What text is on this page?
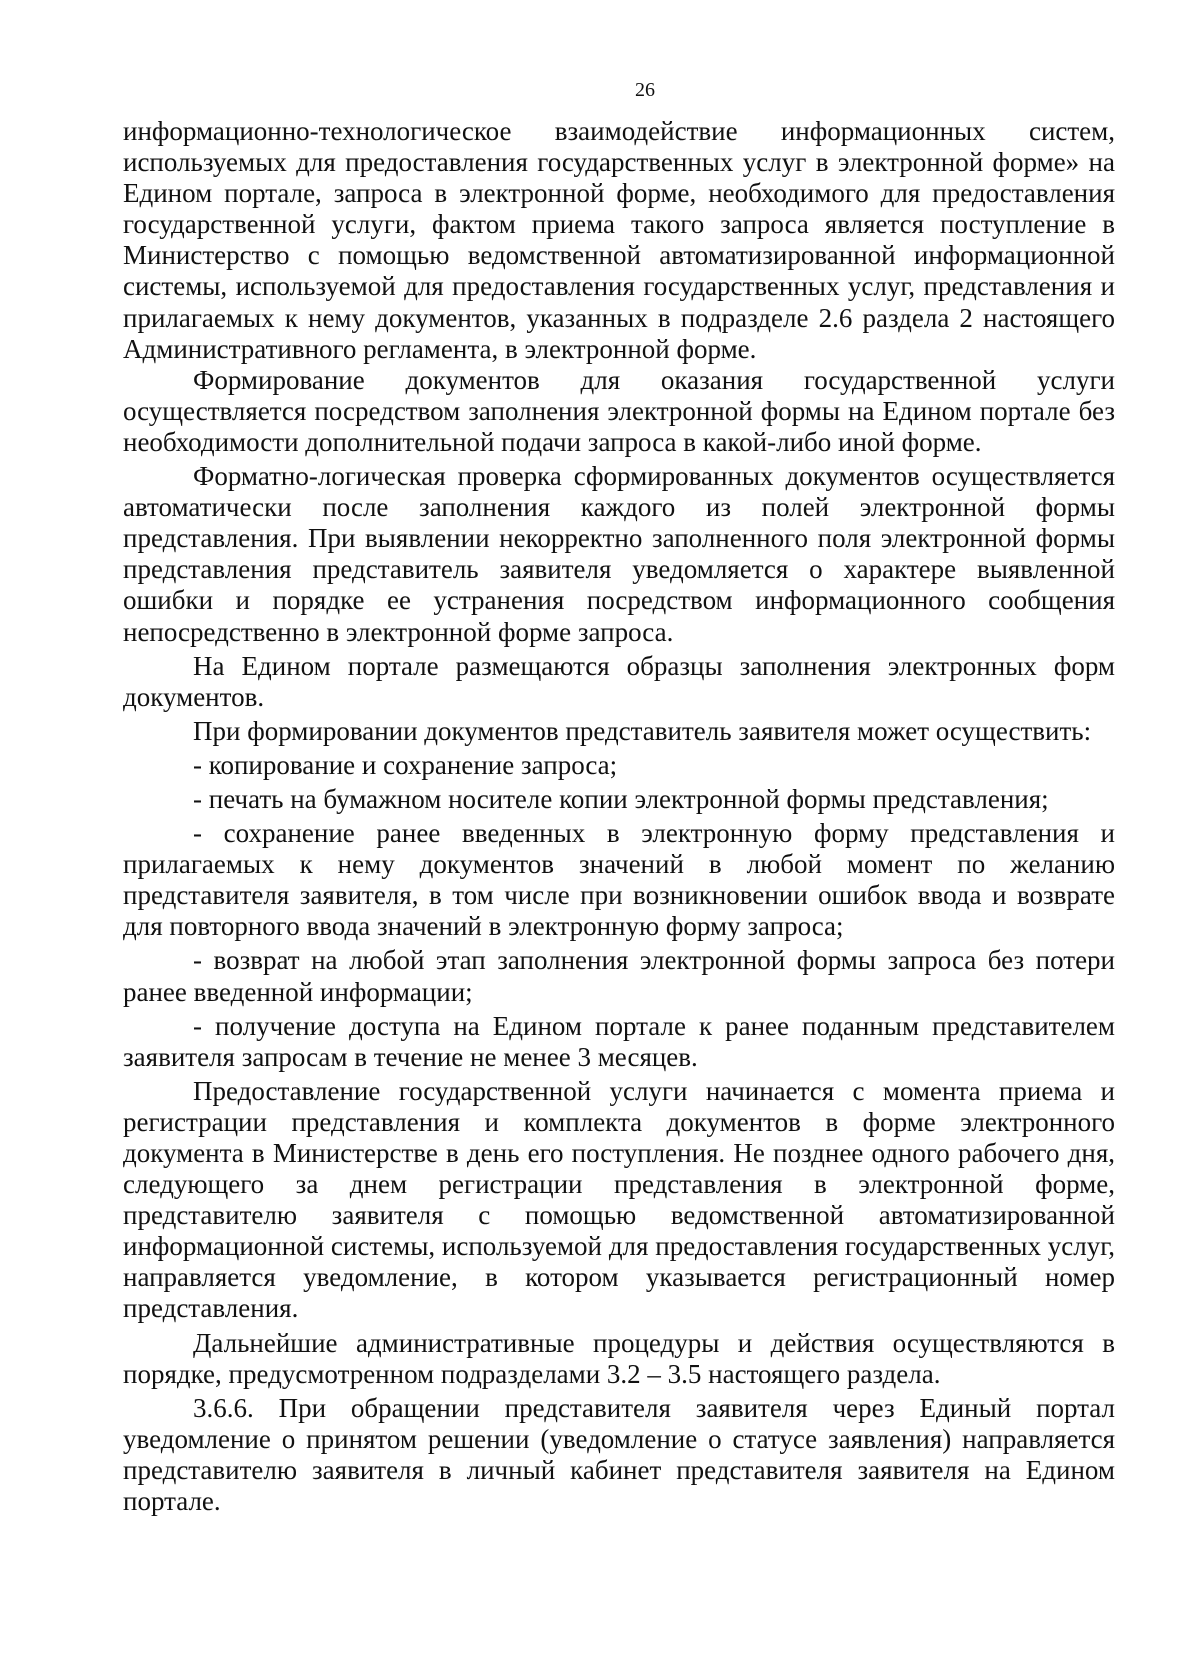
26

информационно-технологическое взаимодействие информационных систем, используемых для предоставления государственных услуг в электронной форме» на Едином портале, запроса в электронной форме, необходимого для предоставления государственной услуги, фактом приема такого запроса является поступление в Министерство с помощью ведомственной автоматизированной информационной системы, используемой для предоставления государственных услуг, представления и прилагаемых к нему документов, указанных в подразделе 2.6 раздела 2 настоящего Административного регламента, в электронной форме.

Формирование документов для оказания государственной услуги осуществляется посредством заполнения электронной формы на Едином портале без необходимости дополнительной подачи запроса в какой-либо иной форме.

Форматно-логическая проверка сформированных документов осуществляется автоматически после заполнения каждого из полей электронной формы представления. При выявлении некорректно заполненного поля электронной формы представления представитель заявителя уведомляется о характере выявленной ошибки и порядке ее устранения посредством информационного сообщения непосредственно в электронной форме запроса.

На Едином портале размещаются образцы заполнения электронных форм документов.

При формировании документов представитель заявителя может осуществить:

- копирование и сохранение запроса;

- печать на бумажном носителе копии электронной формы представления;

- сохранение ранее введенных в электронную форму представления и прилагаемых к нему документов значений в любой момент по желанию представителя заявителя, в том числе при возникновении ошибок ввода и возврате для повторного ввода значений в электронную форму запроса;

- возврат на любой этап заполнения электронной формы запроса без потери ранее введенной информации;

- получение доступа на Едином портале к ранее поданным представителем заявителя запросам в течение не менее 3 месяцев.

Предоставление государственной услуги начинается с момента приема и регистрации представления и комплекта документов в форме электронного документа в Министерстве в день его поступления. Не позднее одного рабочего дня, следующего за днем регистрации представления в электронной форме, представителю заявителя с помощью ведомственной автоматизированной информационной системы, используемой для предоставления государственных услуг, направляется уведомление, в котором указывается регистрационный номер представления.

Дальнейшие административные процедуры и действия осуществляются в порядке, предусмотренном подразделами 3.2 – 3.5 настоящего раздела.

3.6.6. При обращении представителя заявителя через Единый портал уведомление о принятом решении (уведомление о статусе заявления) направляется представителю заявителя в личный кабинет представителя заявителя на Едином портале.
